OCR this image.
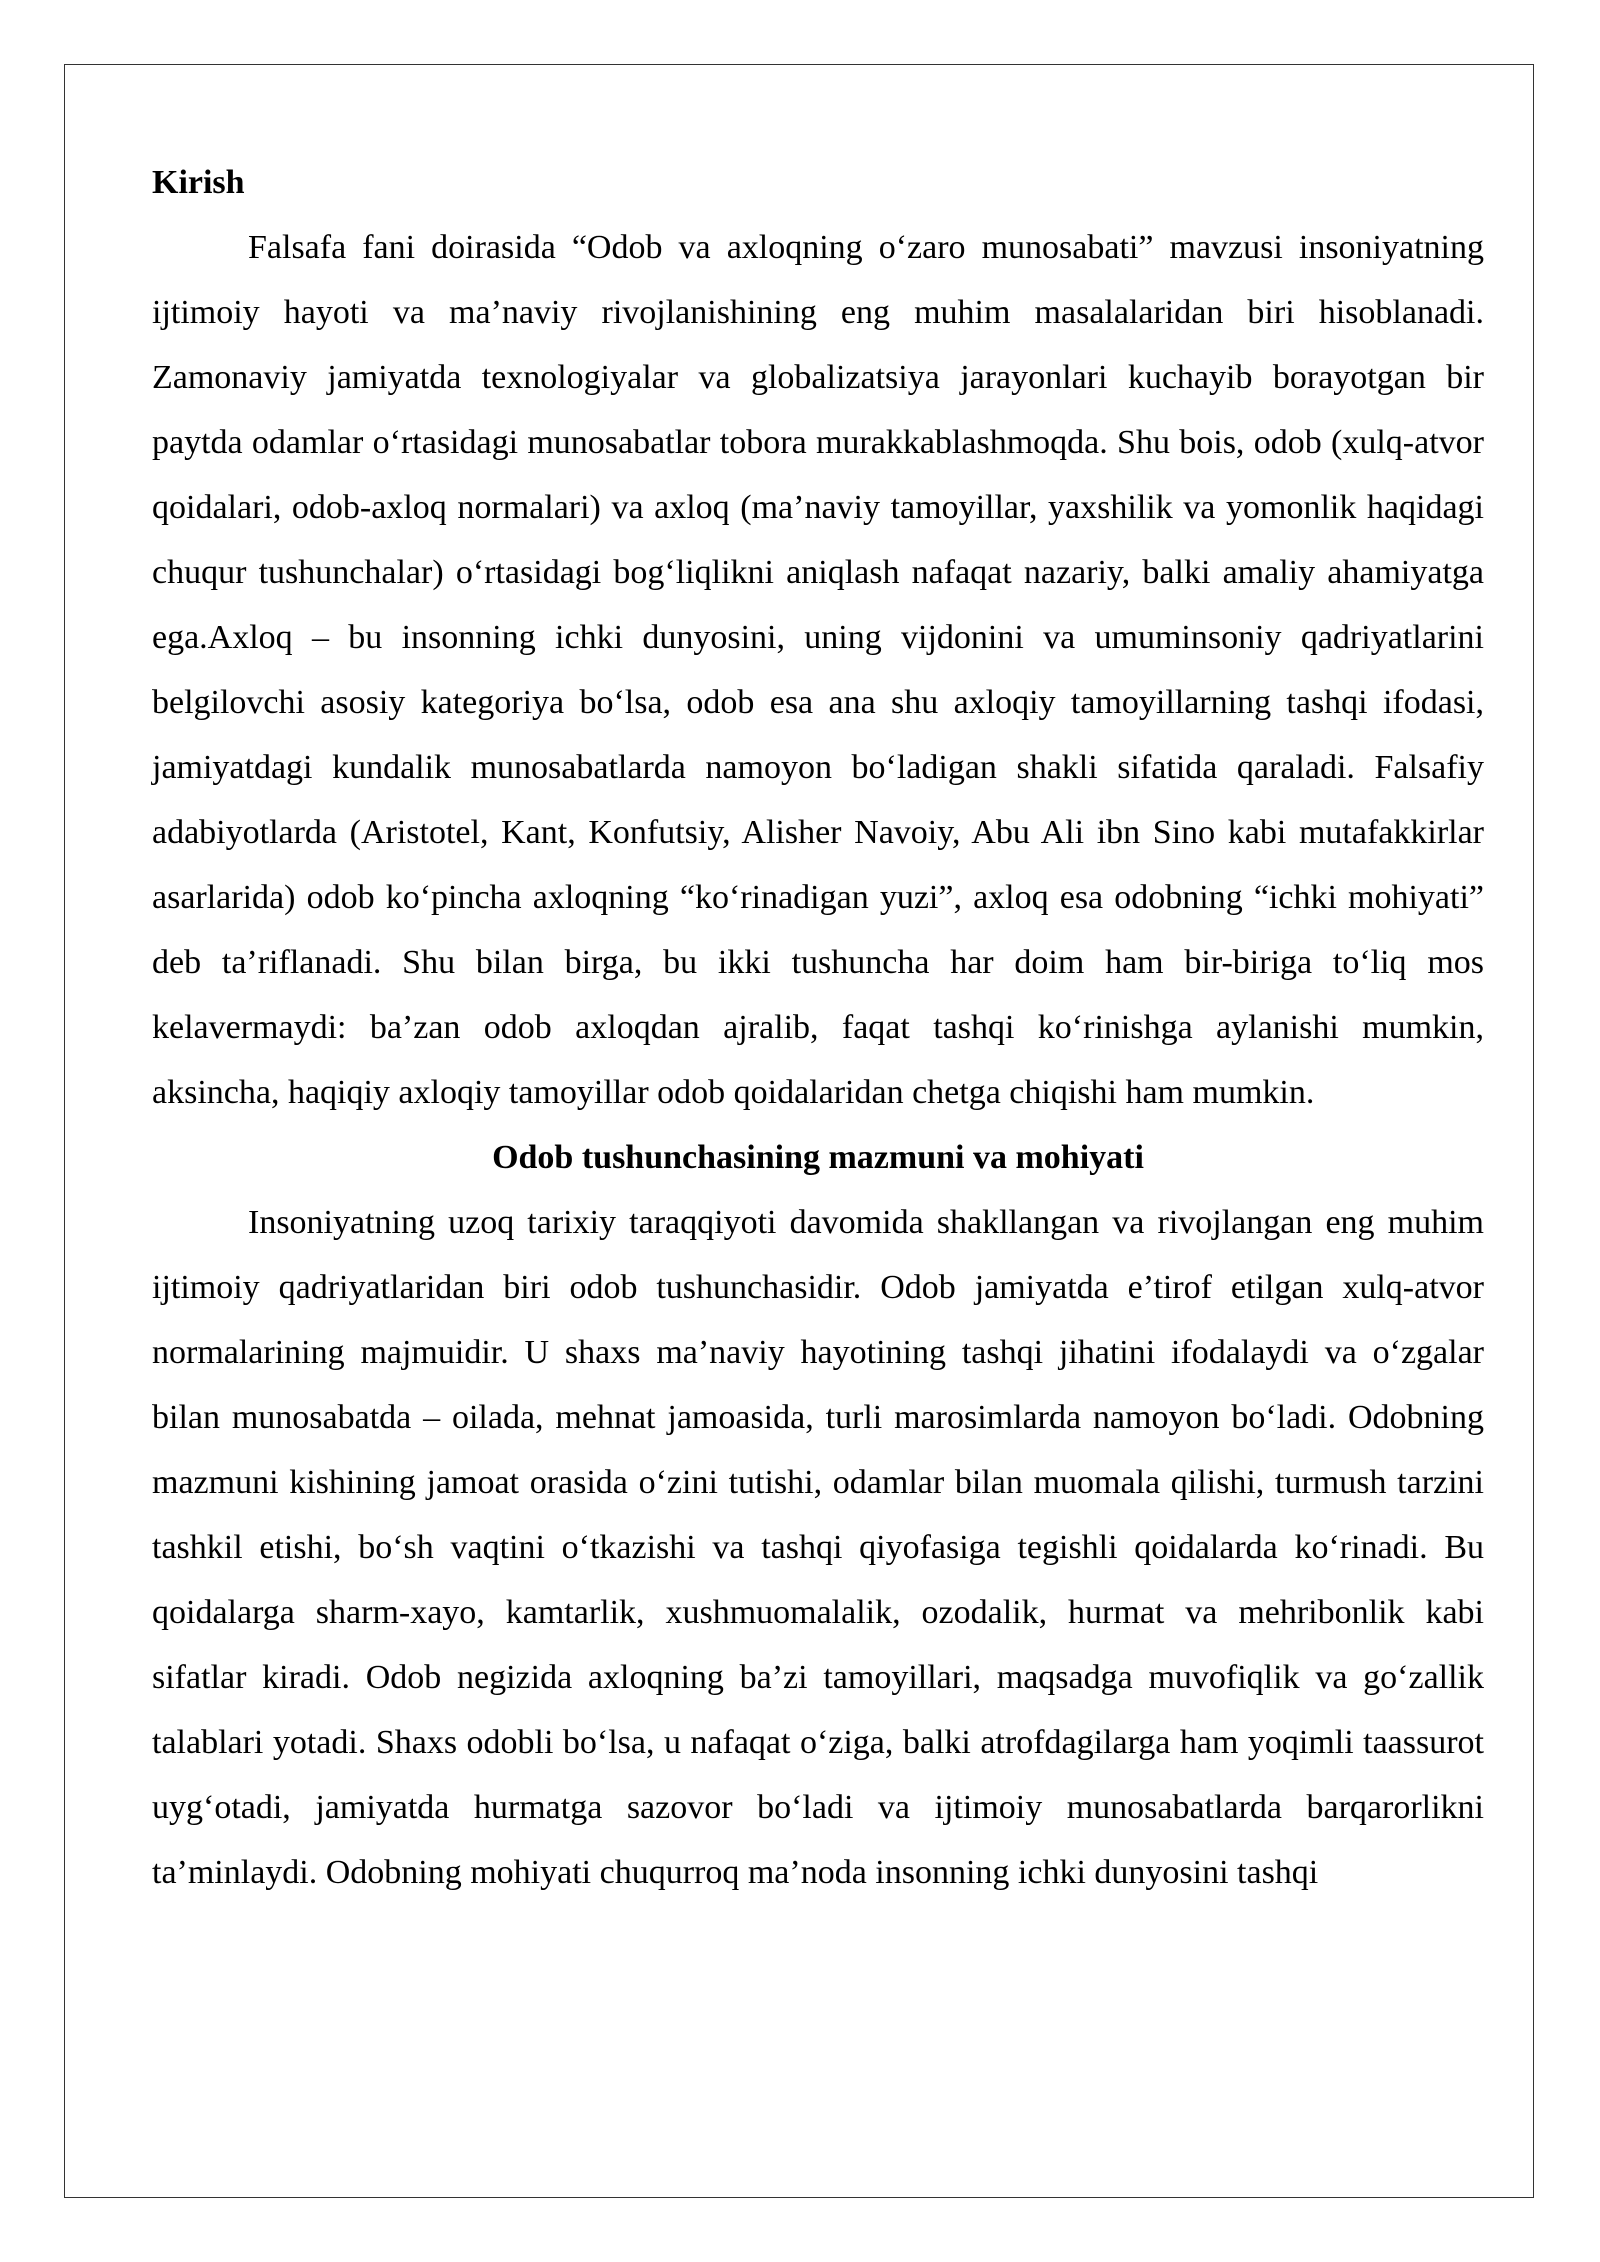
Kirish

Falsafa fani doirasida “Odob va axloqning o‘zaro munosabati” mavzusi insoniyatning ijtimoiy hayoti va ma’naviy rivojlanishining eng muhim masalalaridan biri hisoblanadi. Zamonaviy jamiyatda texnologiyalar va globalizatsiya jarayonlari kuchayib borayotgan bir paytda odamlar o‘rtasidagi munosabatlar tobora murakkablashmoqda. Shu bois, odob (xulq-atvor qoidalari, odob-axloq normalari) va axloq (ma’naviy tamoyillar, yaxshilik va yomonlik haqidagi chuqur tushunchalar) o‘rtasidagi bog‘liqlikni aniqlash nafaqat nazariy, balki amaliy ahamiyatga ega.Axloq – bu insonning ichki dunyosini, uning vijdonini va umuminsoniy qadriyatlarini belgilovchi asosiy kategoriya bo‘lsa, odob esa ana shu axloqiy tamoyillarning tashqi ifodasi, jamiyatdagi kundalik munosabatlarda namoyon bo‘ladigan shakli sifatida qaraladi. Falsafiy adabiyotlarda (Aristotel, Kant, Konfutsiy, Alisher Navoiy, Abu Ali ibn Sino kabi mutafakkirlar asarlarida) odob ko‘pincha axloqning “ko‘rinadigan yuzi”, axloq esa odobning “ichki mohiyati” deb ta’riflanadi. Shu bilan birga, bu ikki tushuncha har doim ham bir-biriga to‘liq mos kelavermaydi: ba’zan odob axloqdan ajralib, faqat tashqi ko‘rinishga aylanishi mumkin, aksincha, haqiqiy axloqiy tamoyillar odob qoidalaridan chetga chiqishi ham mumkin.

Odob tushunchasining mazmuni va mohiyati

Insoniyatning uzoq tarixiy taraqqiyoti davomida shakllangan va rivojlangan eng muhim ijtimoiy qadriyatlaridan biri odob tushunchasidir. Odob jamiyatda e’tirof etilgan xulq-atvor normalarining majmuidir. U shaxs ma’naviy hayotining tashqi jihatini ifodalaydi va o‘zgalar bilan munosabatda – oilada, mehnat jamoasida, turli marosimlarda namoyon bo‘ladi. Odobning mazmuni kishining jamoat orasida o‘zini tutishi, odamlar bilan muomala qilishi, turmush tarzini tashkil etishi, bo‘sh vaqtini o‘tkazishi va tashqi qiyofasiga tegishli qoidalarda ko‘rinadi. Bu qoidalarga sharm-xayo, kamtarlik, xushmuomalalik, ozodalik, hurmat va mehribonlik kabi sifatlar kiradi. Odob negizida axloqning ba’zi tamoyillari, maqsadga muvofiqlik va go‘zallik talablari yotadi. Shaxs odobli bo‘lsa, u nafaqat o‘ziga, balki atrofdagilarga ham yoqimli taassurot uyg‘otadi, jamiyatda hurmatga sazovor bo‘ladi va ijtimoiy munosabatlarda barqarorlikni ta’minlaydi. Odobning mohiyati chuqurroq ma’noda insonning ichki dunyosini tashqi
